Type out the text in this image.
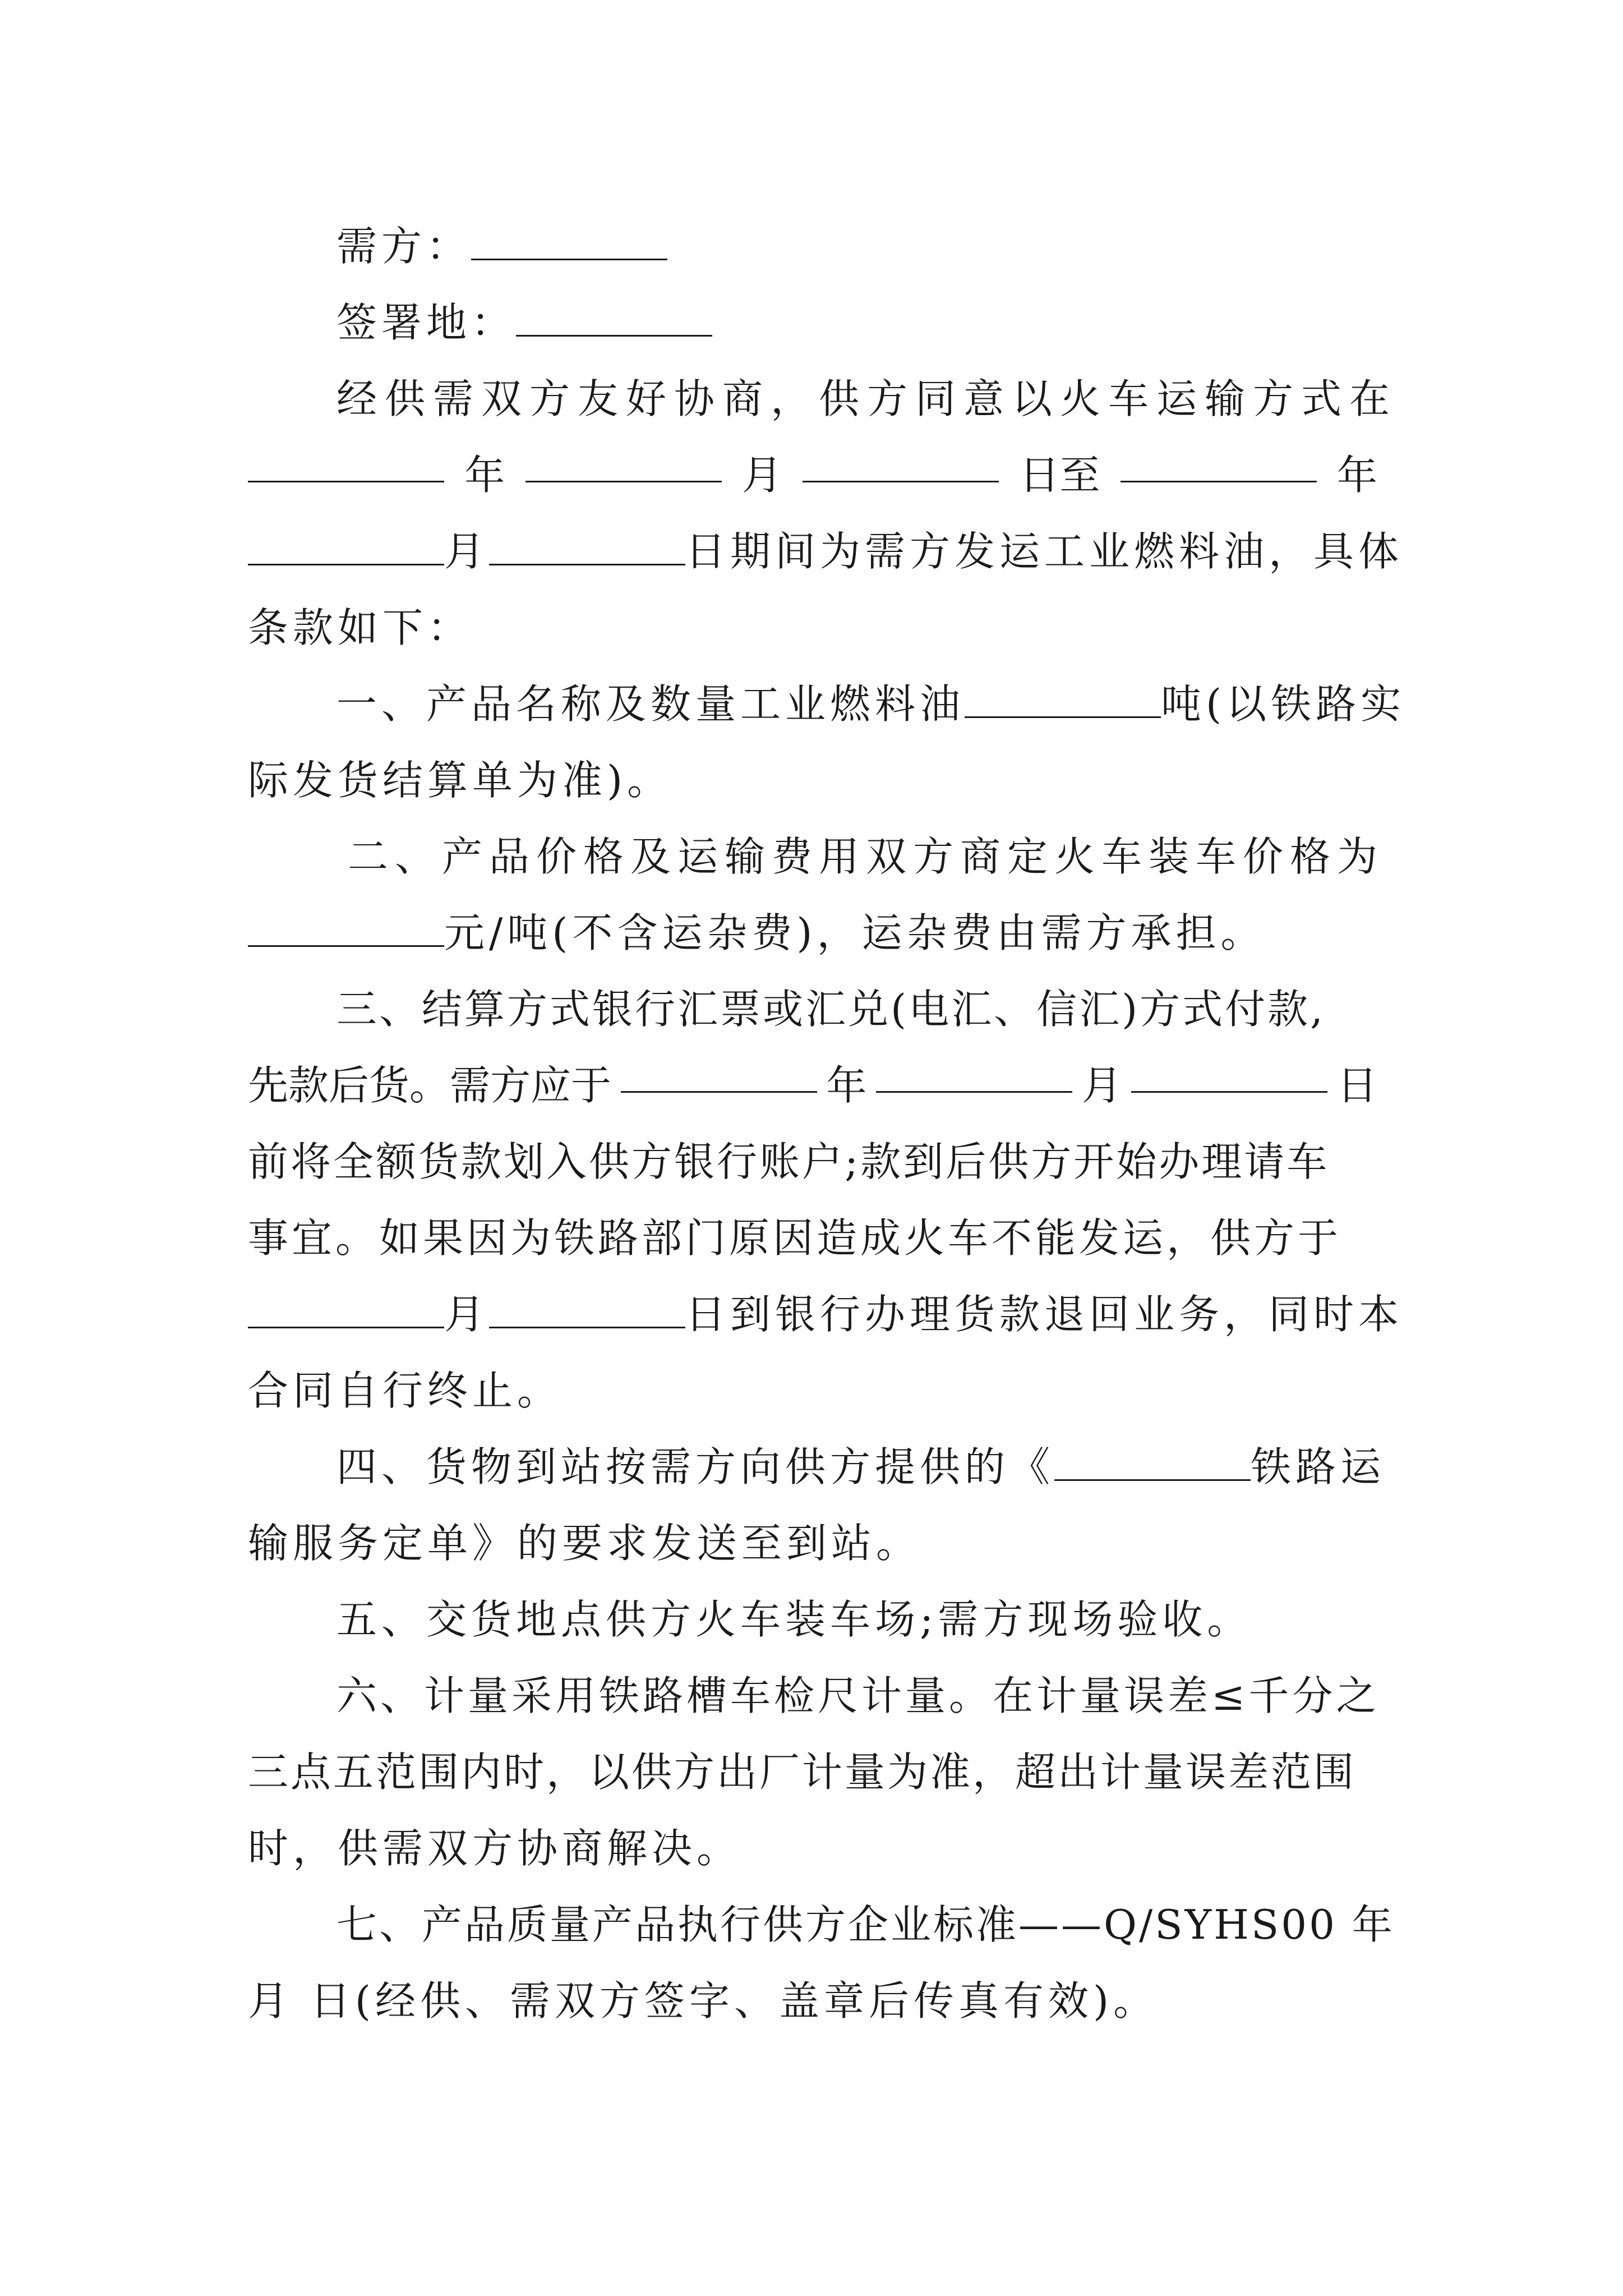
需方：
签署地：
经供需双方友好协商，供方同意以火车运输方式在
年	月	日至	年
月	日期间为需方发运工业燃料油，具体
条款如下：
一、产品名称及数量工业燃料油	吨(以铁路实
际发货结算单为准)。
二、产品价格及运输费用双方商定火车装车价格为
元/吨(不含运杂费)，运杂费由需方承担。
三、结算方式银行汇票或汇兑(电汇、信汇)方式付款,
先款后货。需方应于	年	月	日
前将全额货款划入供方银行账户;款到后供方开始办理请车
事宜。如果因为铁路部门原因造成火车不能发运，供方于
月	日到银行办理货款退回业务，同时本
合同自行终止。
四、货物到站按需方向供方提供的《	铁路运
输服务定单》的要求发送至到站。
五、交货地点供方火车装车场;需方现场验收。
六、计量采用铁路槽车检尺计量。在计量误差≤千分之
三点五范围内时，以供方出厂计量为准，超出计量误差范围
时，供需双方协商解决。
七、产品质量产品执行供方企业标准——Q/SYHS00 年
月 日(经供、需双方签字、盖章后传真有效)。
